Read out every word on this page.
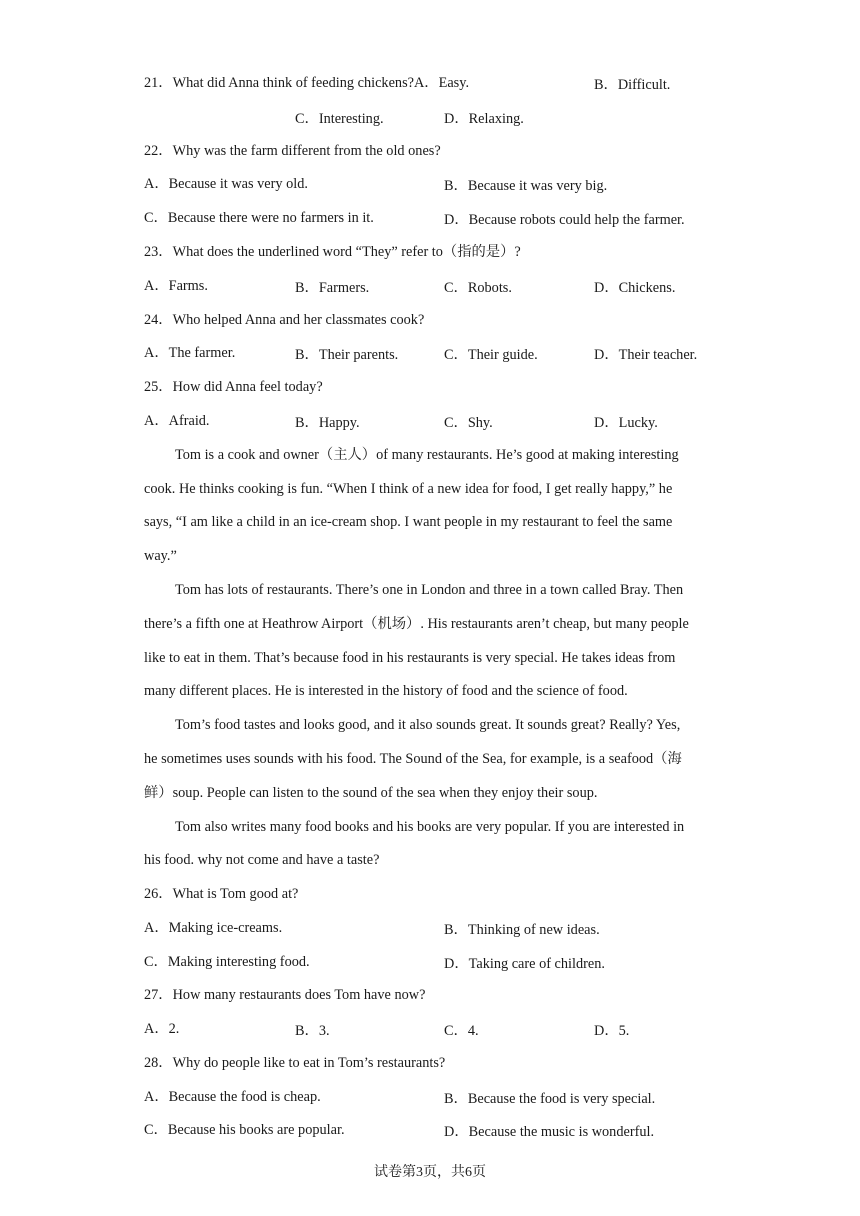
21．What did Anna think of feeding chickens?A．Easy.	B．Difficult.
C．Interesting.	D．Relaxing.
22．Why was the farm different from the old ones?
A．Because it was very old.	B．Because it was very big.
C．Because there were no farmers in it.	D．Because robots could help the farmer.
23．What does the underlined word “They” refer to（指的是）?
A．Farms.	B．Farmers.	C．Robots.	D．Chickens.
24．Who helped Anna and her classmates cook?
A．The farmer.	B．Their parents.	C．Their guide.	D．Their teacher.
25．How did Anna feel today?
A．Afraid.	B．Happy.	C．Shy.	D．Lucky.
Tom is a cook and owner（主人）of many restaurants. He’s good at making interesting
cook. He thinks cooking is fun. “When I think of a new idea for food, I get really happy,” he
says, “I am like a child in an ice-cream shop. I want people in my restaurant to feel the same
way.”
Tom has lots of restaurants. There’s one in London and three in a town called Bray. Then
there’s a fifth one at Heathrow Airport（机场）. His restaurants aren’t cheap, but many people
like to eat in them. That’s because food in his restaurants is very special. He takes ideas from
many different places. He is interested in the history of food and the science of food.
Tom’s food tastes and looks good, and it also sounds great. It sounds great? Really? Yes,
he sometimes uses sounds with his food. The Sound of the Sea, for example, is a seafood（海
鲜）soup. People can listen to the sound of the sea when they enjoy their soup.
Tom also writes many food books and his books are very popular. If you are interested in
his food. why not come and have a taste?
26．What is Tom good at?
A．Making ice-creams.	B．Thinking of new ideas.
C．Making interesting food.	D．Taking care of children.
27．How many restaurants does Tom have now?
A．2.	B．3.	C．4.	D．5.
28．Why do people like to eat in Tom’s restaurants?
A．Because the food is cheap.	B．Because the food is very special.
C．Because his books are popular.	D．Because the music is wonderful.
试卷第3页，共6页
